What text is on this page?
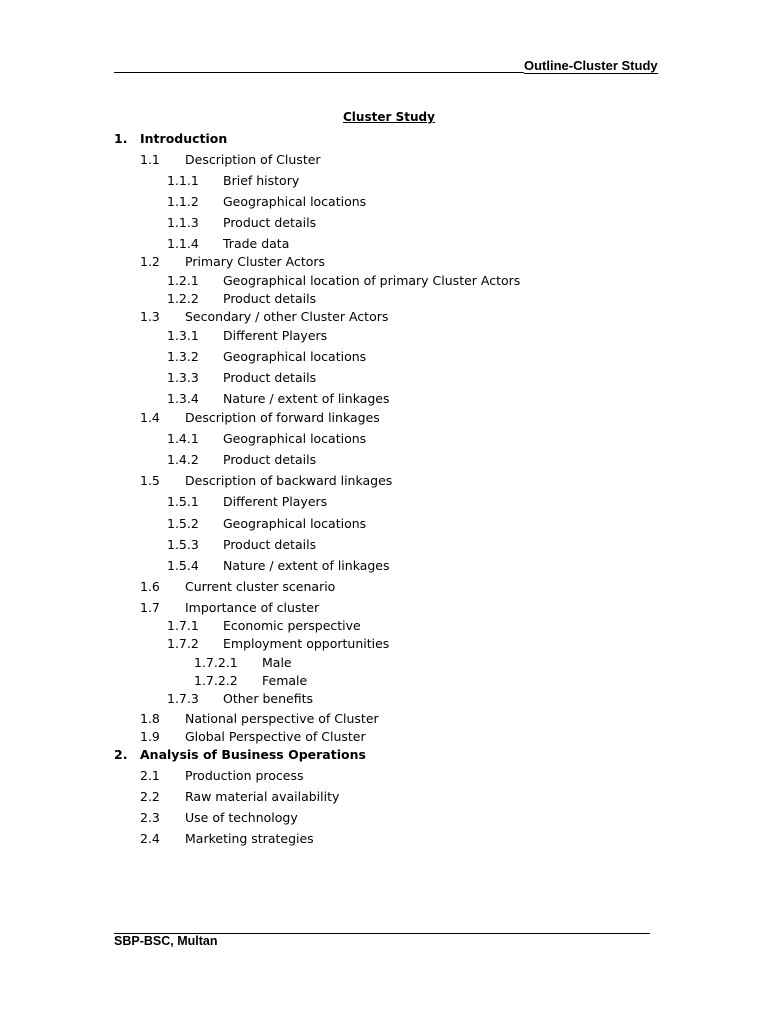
Outline-Cluster Study
Cluster Study
1. Introduction
1.1 Description of Cluster
1.1.1 Brief history
1.1.2 Geographical locations
1.1.3 Product details
1.1.4 Trade data
1.2 Primary Cluster Actors
1.2.1 Geographical location of primary Cluster Actors
1.2.2 Product details
1.3 Secondary / other Cluster Actors
1.3.1 Different Players
1.3.2 Geographical locations
1.3.3 Product details
1.3.4 Nature / extent of linkages
1.4 Description of forward linkages
1.4.1 Geographical locations
1.4.2 Product details
1.5 Description of backward linkages
1.5.1 Different Players
1.5.2 Geographical locations
1.5.3 Product details
1.5.4 Nature / extent of linkages
1.6 Current cluster scenario
1.7 Importance of cluster
1.7.1 Economic perspective
1.7.2 Employment opportunities
1.7.2.1 Male
1.7.2.2 Female
1.7.3 Other benefits
1.8 National perspective of Cluster
1.9 Global Perspective of Cluster
2. Analysis of Business Operations
2.1 Production process
2.2 Raw material availability
2.3 Use of technology
2.4 Marketing strategies
SBP-BSC, Multan
